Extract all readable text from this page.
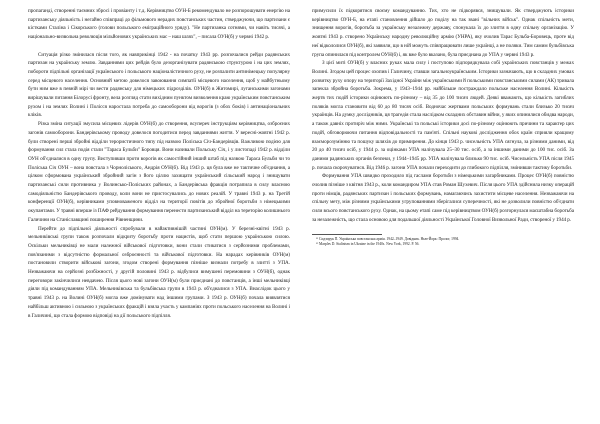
пропаганді, створенні таємних збросі і провіанту і т.д. Керівництво ОУН-Б рекомендувало не розпорошувати енергію на партизанську діяльність і негайно співпраці до фільмового нерадих повстанських частин, стверджуючи, що партизани є кістками Сталіна і Сікорського (голови польського еміграційного уряду). "Не партизанка сотнями, чи навіть тисячі, а національно-визвольна революція мільйонових українських мас – наш шлях", – писала ОУН(б) у червні 1942 р.

Ситуація різко змінилася після того, як навприкінці 1942 - на початку 1943 рр. розпочалися рейди радянських партизан на українську землю. Завданнями цих рейдів було дезорганізувати радянською структурою і на цих землях, побороти підпільні організації українського і польського націоналістичного руху, не розпалити антинімецьку популярну серед місцевого населення. Основний метою довелося завоювання симпатії місцевого населення, щоб у майбутньому бути ним вже в певній мірі чи вести радянську для німецьких підрозділів. ОУН(б) в Житомирі, луганськими загонами вирішували питання Білорусі фронту, вела розгляд стати вихідним пунктом визволення краю українським повстанським рухом і на землях Волині і Полісся наростала потреба до самооборони від ворогів (з обох боків) і антинаціональних кліків.

Різка зміна ситуації змусила місцевих лідерів ОУН(б) до створення, всупереч інструкціям керівництва, озброєних загонів самооборони. Бандерівському проводу довелося погодитися перед завданнями життя. У вересні-жовтні 1942 р. були створені перші збройні відділи терористичного типу під назвою Поліська Січ-Бандерівців. Важливою подією для формування сил стала подія стали "Тараса Бульби" Боровця. Вони називали Польську Січ, і у листопаді 1942 р. відділи ОУН об'єдналися в одну групу. Виступивши проти ворогів як самостійний інший штаб під назвою Тараса Бульби чи то Поліська Січ ОУН – вона повстала з Чорноліського, Андрія ОУН(б). Від 1943 р. ця була вже не тактичне об'єднання, а цілком сформована український збройний загін з його ціллю захищати український сільський народ і знищувати партизанські сили противника у Волинсько-Поліських районах, а Бандерівська фракція потрапила в силу власною самодіяльністю Бандерівського проводу, коли вони не пристосувались до нових реалій. У травні 1943 р. на Третій конференції ОУН(б), керівниками уповноваженого відділ на території повітів до збройної боротьби з німецькими окупантами. У травні вперше із ПАФ рейдування формування перенести партизанський відділ на тереторію колишнього Галичини на Станіславщині поширення Рівненщини.

Перейти до підпільної діяльності спробували в найактивнішій частині ОУН(м). У березні-квітні 1943 р. мельниківські групи також розпочали відкриту боротьбу проти нацистів, щоб стати першою українською силою. Оскільки мельниківці не мали належної військової підготовки, вони стали стикатися з серйозними проблемами, пов'язаними з відсутністю формальної озброєнності та військової підготовки. На нарадах керівників ОУН(м) постановили створити військові загони, згодом створені формування пізніше визнали потребу в злитті з УПА. Незважаючи на серйозні розбіжності, у другій половині 1943 р. відбулися вимушені перемовини з ОУН(б), однак переговори закінчилися невдачею. Після цього нові загони ОУН(м) були приєднані до повстанців, а інші мельниківці діяли під командуванням УПА. Мельниківська та бульбівська групи в 1943 р. об'єдналися з УПА. Внаслідок цього у травні 1943 р. на Волині ОУН(б) могла вже домінувати над іншими групами. З 1943 р. ОУН(б) почала виявлятися найбільш активною і сильною з українських фракцій і взяла участь у кампаніях проти польського населення на Волині і в Галичині, що стала формою відповіді на дії польського підпілля.

примусили їх підкорятися своєму командуванню. Тих, хто не підкорявся, знищували. Як стверджують історики керівництво ОУН-Б, на етапі становлення дійшло до поділу на так звані "вільних військ". Однак спільність мети, знищення ворогів, боротьба за українську незалежну державу, спонукала їх до злиття в одну спільну організацію. У жовтні 1943 р. створено Українську народну революційну армію (УНРА), яку очолив Тарас Бульба-Боровець, проте від неї відкололися ОУН(б), які заявили, що в ній можуть співпрацювати лише українці, а не поляки. Тим самим бульбівська група опинилася під контролем ОУН(б) і, як вже було вказано, була приєднана до УПА у червні 1943 р.

З цієї миті ОУН(б) у власних руках мала силу і поступово підпорядкувала собі українських повстанців у межах Волині. Згодом цей процес охопив і Галичину, ставши загальноукраїнським. Історики зазначають, що в складних умовах розвитку руху опору на території Західної України між українськими й польськими повстанськими силами (АК) тривала запекла збройна боротьба. Зокрема, у 1943–1944 рр. найбільше постраждало польське населення Волині. Кількість жертв тих подій історики оцінюють по-різному – від 35 до 100 тисяч людей. Деякі вважають, що кількість загиблих поляків могла становити від 60 до 80 тисяч осіб. Водночас жертвами польських формувань стали близько 20 тисяч українців. На думку дослідників, ця трагедія стала наслідком складних обставин війни, у яких опинилися обидва народи, а також давніх протиріч між ними. Українські та польські історики досі по-різному оцінюють причини та характер цих подій, обговорюючи питання відповідальності та пам'яті. Спільні наукові дослідження обох країн сприяли кращому взаєморозумінню та пошуку шляхів до примирення. До кінця 1943 р. чисельність УПА сягнула, за різними даними, від 20 до 40 тисяч осіб, у 1944 р. за оцінками УПА налічувала 25–30 тис. осіб, а за іншими даними до 100 тис. осіб. За даними радянських органів безпеки, у 1944–1945 рр. УПА налічувала близько 90 тис. осіб. Чисельність УПА після 1945 р. почала скорочуватися. Від 1946 р. загони УПА почали переходити до глибокого підпілля, змінивши тактику боротьби.

Формування УПА швидко проходило під гаслами боротьби з німецькими загарбниками. Процес ОУН(б) повністю очолив пізніше з квітня 1943 р., коли командиром УПА став Роман Шухевич. Після цього УПА здійснила низку операцій проти німців, радянських партизан і польських формувань, намагаючись захистити місцеве населення. Незважаючи на спільну мету, між різними українськими угрупованнями зберігалися суперечності, які не дозволили повністю об'єднати сили всього повстанського руху. Однак, на цьому етапі саме під керівництвом ОУН(б) розгорнулася масштабна боротьба за незалежність, що стала основою для подальшої діяльності Української Головної Визвольної Ради, створеної у 1944 р.

¹¹ Сидзирук П. Українська повстанська армія. 1942–1949. Довідник. Нью-Йорк: Пролог, 1994.
¹² Marples D. Stalinism in Ukraine in the 1940s. New York, 1992. P. 56.
